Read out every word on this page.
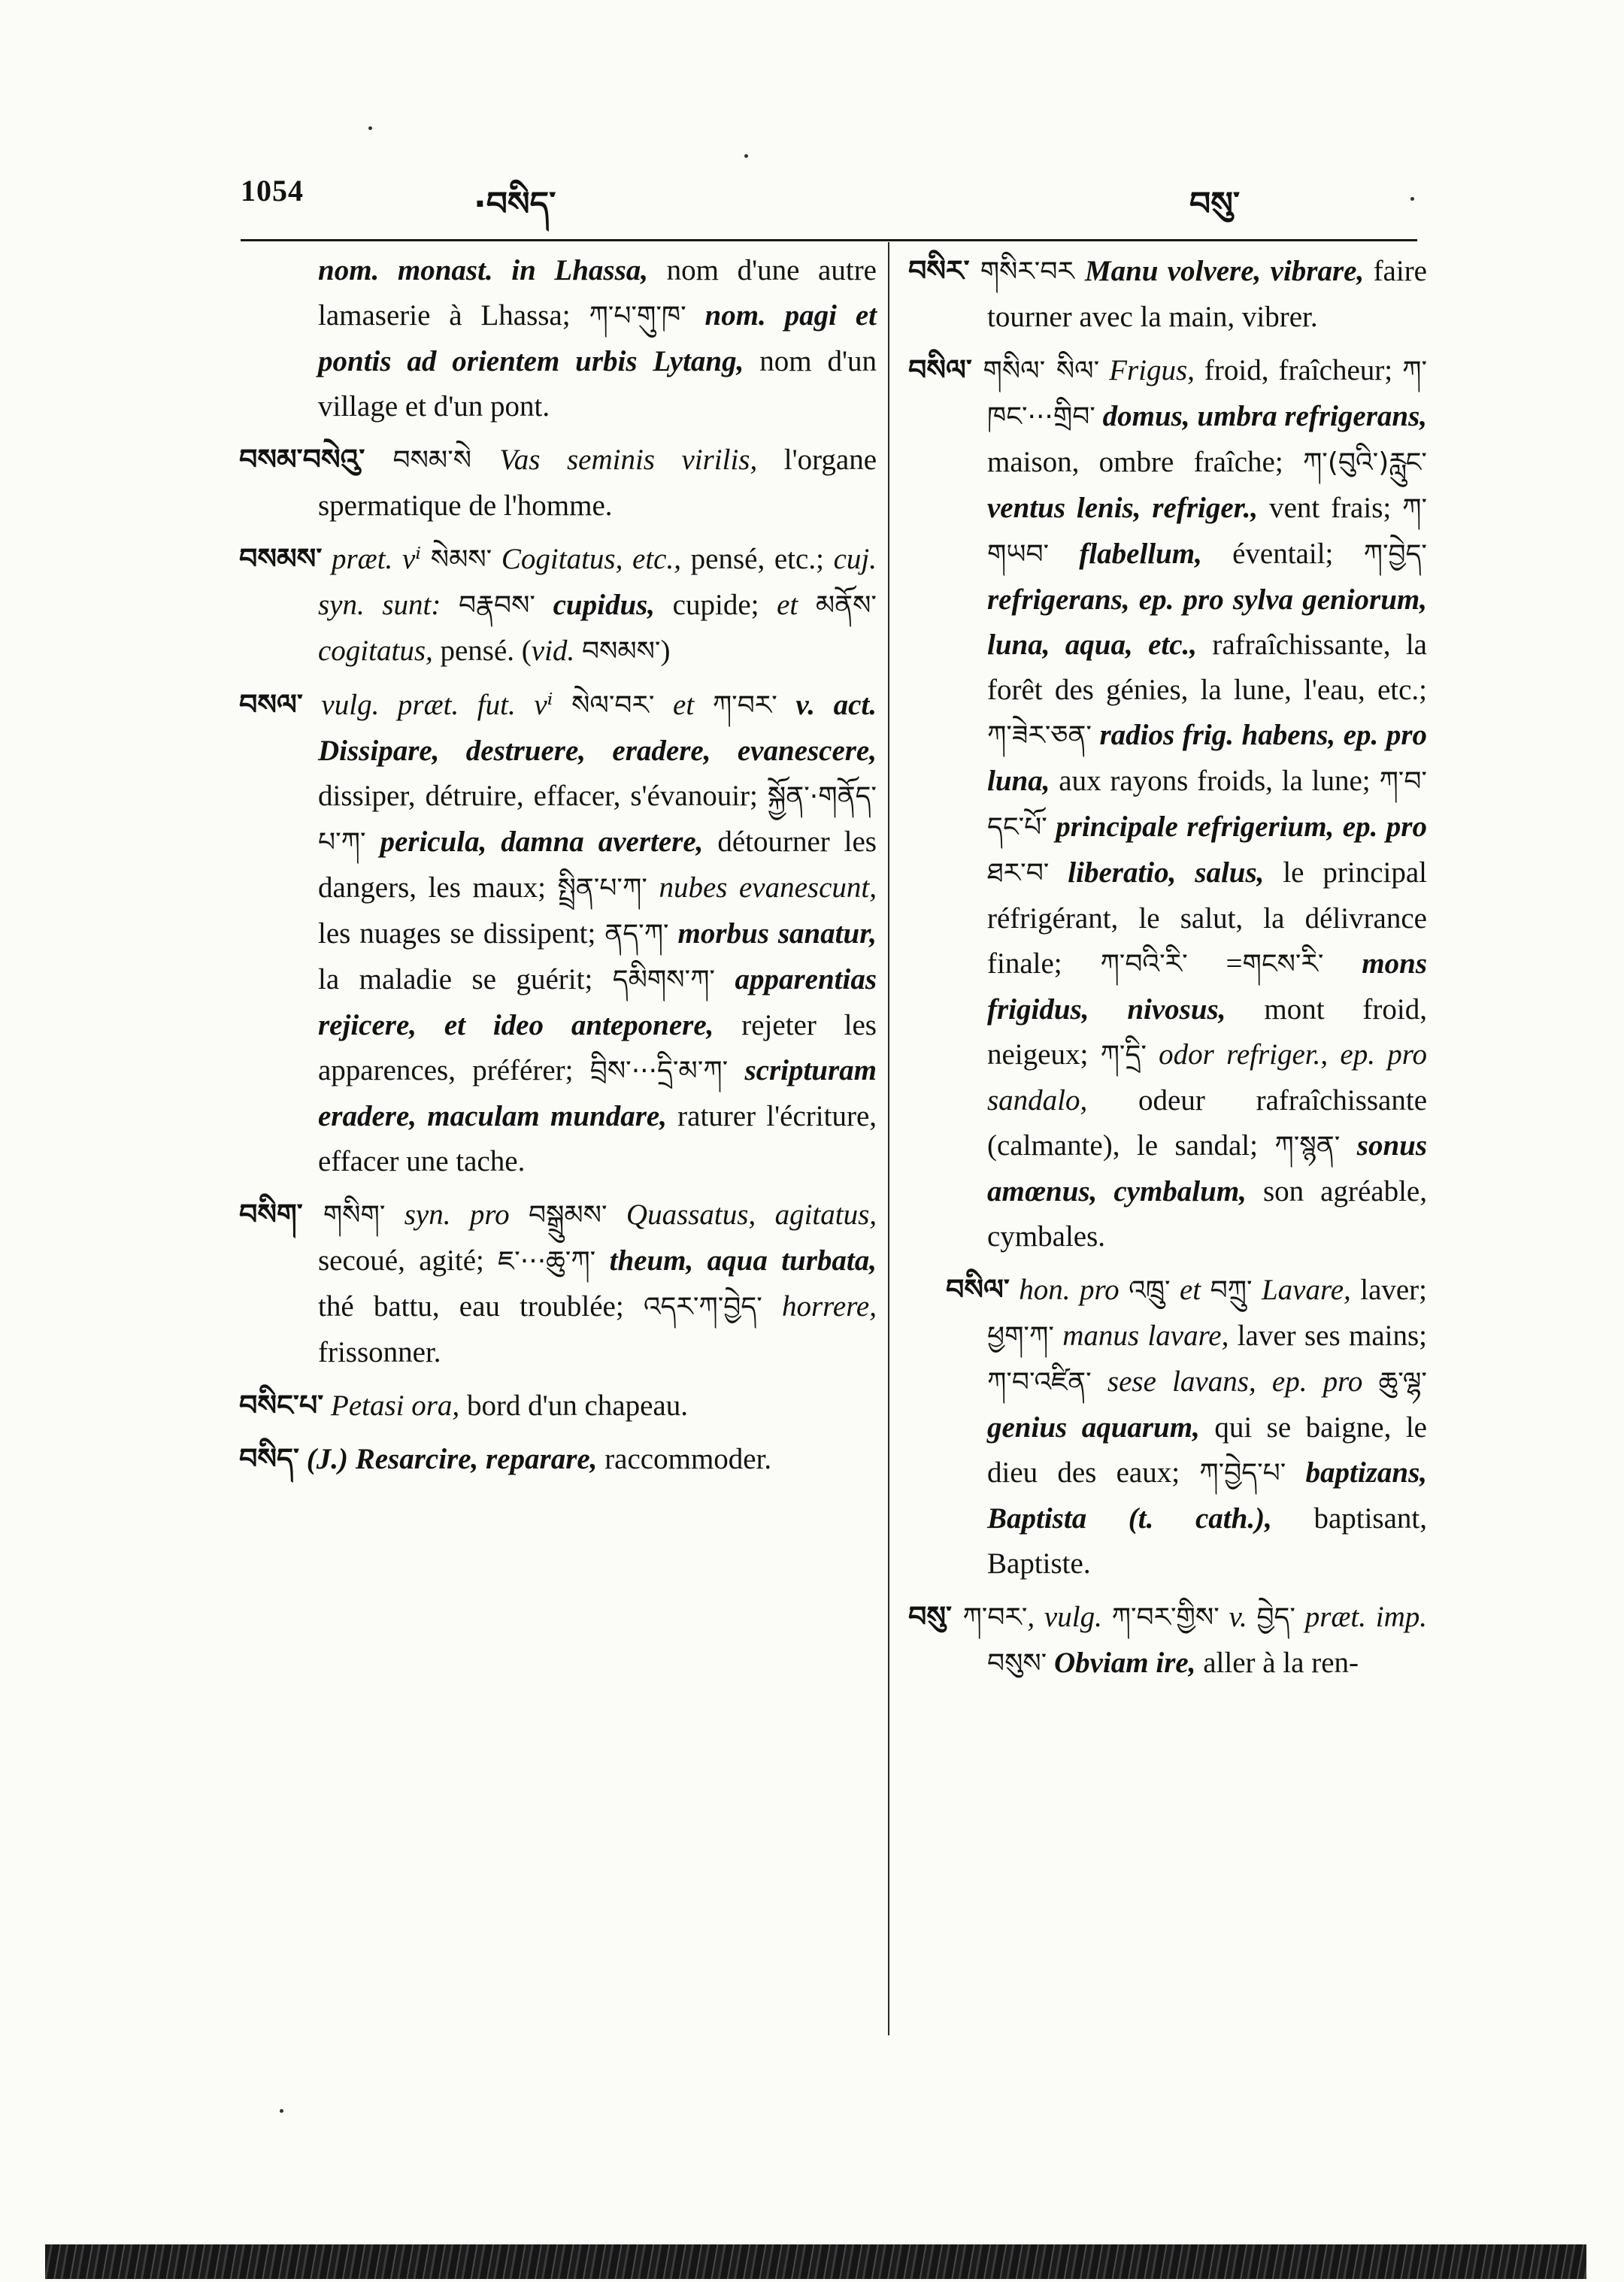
1054	·བསིད་	བསུ་

nom. monast. in Lhassa, nom d'une autre lamaserie à Lhassa; ཀ་པ་གུ་ཁ་ nom. pagi et pontis ad orientem urbis Lytang, nom d'un village et d'un pont.

བསམ་བསེའུ་ བསམ་སེ Vas seminis virilis, l'organe spermatique de l'homme.

བསམས་ præt. vⁱ སེམས་ Cogitatus, etc., pensé, etc.; cuj. syn. sunt: བརྣབས་ cupidus, cupide; et མནོས་ cogitatus, pensé. (vid. བསམས་)

བསལ་ vulg. præt. fut. vⁱ སེལ་བར་ et ཀ་བར་ v. act. Dissipare, destruere, eradere, evanescere, dissiper, détruire, effacer, s'évanouir; སྐྱོན་·གནོད་པ་ཀ་ pericula, damna avertere, détourner les dangers, les maux; སྤྲིན་པ་ཀ་ nubes evanescunt, les nuages se dissipent; ནད་ཀ་ morbus sanatur, la maladie se guérit; དམིགས་ཀ་ apparentias rejicere, et ideo anteponere, rejeter les apparences, préférer; བྲིས་···དྲི་མ་ཀ་ scripturam eradere, maculam mundare, raturer l'écriture, effacer une tache.

བསིག་ གསིག་ syn. pro བསྒྲུམས་ Quassatus, agitatus, secoué, agité; ཇ་···ཆུ་ཀ་ theum, aqua turbata, thé battu, eau troublée; འདར་ཀ་བྱེད་ horrere, frissonner.

བསིང་པ་ Petasi ora, bord d'un chapeau.

བསིད་ (J.) Resarcire, reparare, raccommoder.

བསིར་ གསིར་བར Manu volvere, vibrare, faire tourner avec la main, vibrer.

བསིལ་ གསིལ་ སིལ་ Frigus, froid, fraîcheur; ཀ་ཁང་···གྲིབ་ domus, umbra refrigerans, maison, ombre fraîche; ཀ་(བུའི་)རླུང་ ventus lenis, refriger., vent frais; ཀ་གཡབ་ flabellum, éventail; ཀ་བྱེད་ refrigerans, ep. pro sylva geniorum, luna, aqua, etc., rafraîchissante, la forêt des génies, la lune, l'eau, etc.; ཀ་ཟེར་ཅན་ radios frig. habens, ep. pro luna, aux rayons froids, la lune; ཀ་བ་དང་པོ་ principale refrigerium, ep. pro ཐར་བ་ liberatio, salus, le principal réfrigérant, le salut, la délivrance finale; ཀ་བའི་རི་ =གངས་རི་ mons frigidus, nivosus, mont froid, neigeux; ཀ་དྲི་ odor refriger., ep. pro sandalo, odeur rafraîchissante (calmante), le sandal; ཀ་སྙན་ sonus amœnus, cymbalum, son agréable, cymbales.

བསིལ་ hon. pro འཁྲུ་ et བཀྲུ་ Lavare, laver; ཕྱག་ཀ་ manus lavare, laver ses mains; ཀ་བ་འཛིན་ sese lavans, ep. pro ཆུ་ལྷ་ genius aquarum, qui se baigne, le dieu des eaux; ཀ་བྱེད་པ་ baptizans, Baptista (t. cath.), baptisant, Baptiste.

བསུ་ ཀ་བར་, vulg. ཀ་བར་གྱིས་ v. བྱེད་ præt. imp. བསུས་ Obviam ire, aller à la ren-
